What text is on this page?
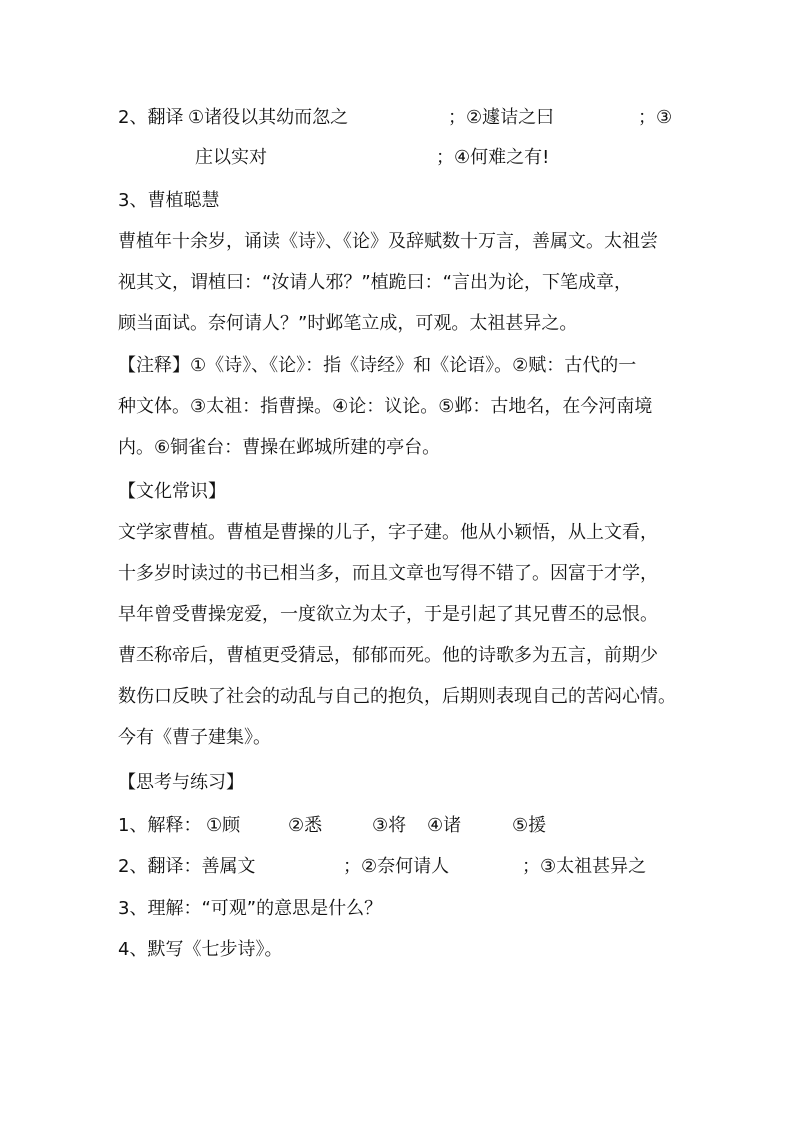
2、翻译 ①诸役以其幼而忽之	；②遽诘之曰	；③
庄以实对	；④何难之有!
3、曹植聪慧
曹植年十余岁，诵读《诗》、《论》及辞赋数十万言，善属文。太祖尝
视其文，谓植曰：“汝请人邪？”植跪曰：“言出为论，下笔成章，
顾当面试。奈何请人？”时邺笔立成，可观。太祖甚异之。
【注释】①《诗》、《论》：指《诗经》和《论语》。②赋：古代的一
种文体。③太祖：指曹操。④论：议论。⑤邺：古地名，在今河南境
内。⑥铜雀台：曹操在邺城所建的亭台。
【文化常识】
文学家曹植。曹植是曹操的儿子，字子建。他从小颖悟，从上文看，
十多岁时读过的书已相当多，而且文章也写得不错了。因富于才学，
早年曾受曹操宠爱，一度欲立为太子，于是引起了其兄曹丕的忌恨。
曹丕称帝后，曹植更受猜忌，郁郁而死。他的诗歌多为五言，前期少
数伤口反映了社会的动乱与自己的抱负，后期则表现自己的苦闷心情。
今有《曹子建集》。
【思考与练习】
1、解释： ①顾	②悉	③将 ④诸	⑤援
2、翻译：善属文	；②奈何请人	；③太祖甚异之
3、理解：“可观”的意思是什么？
4、默写《七步诗》。
